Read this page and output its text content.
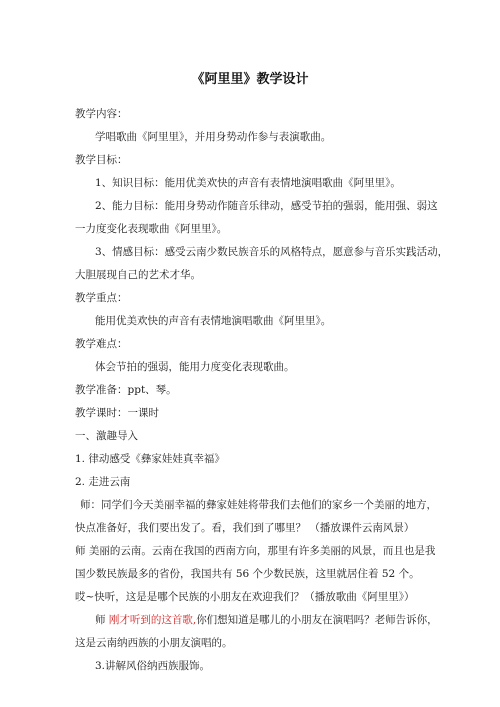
《阿里里》教学设计
教学内容：
学唱歌曲《阿里里》，并用身势动作参与表演歌曲。
教学目标：
1、知识目标：能用优美欢快的声音有表情地演唱歌曲《阿里里》。
2、能力目标：能用身势动作随音乐律动，感受节拍的强弱，能用强、弱这
一力度变化表现歌曲《阿里里》。
3、情感目标：感受云南少数民族音乐的风格特点，愿意参与音乐实践活动，
大胆展现自己的艺术才华。
教学重点：
能用优美欢快的声音有表情地演唱歌曲《阿里里》。
教学难点：
体会节拍的强弱，能用力度变化表现歌曲。
教学准备：ppt、琴。
教学课时：一课时
一、激趣导入
1. 律动感受《彝家娃娃真幸福》
2. 走进云南
师：同学们今天美丽幸福的彝家娃娃将带我们去他们的家乡一个美丽的地方，
快点准备好，我们要出发了。看，我们到了哪里？ （播放课件云南风景）
师 美丽的云南。云南在我国的西南方向，那里有许多美丽的风景，而且也是我
国少数民族最多的省份，我国共有 56 个少数民族，这里就居住着 52 个。
哎~快听，这是是哪个民族的小朋友在欢迎我们？（播放歌曲《阿里里》）
师 刚才听到的这首歌,你们想知道是哪儿的小朋友在演唱吗？老师告诉你，
这是云南纳西族的小朋友演唱的。
3.讲解风俗纳西族服饰。
